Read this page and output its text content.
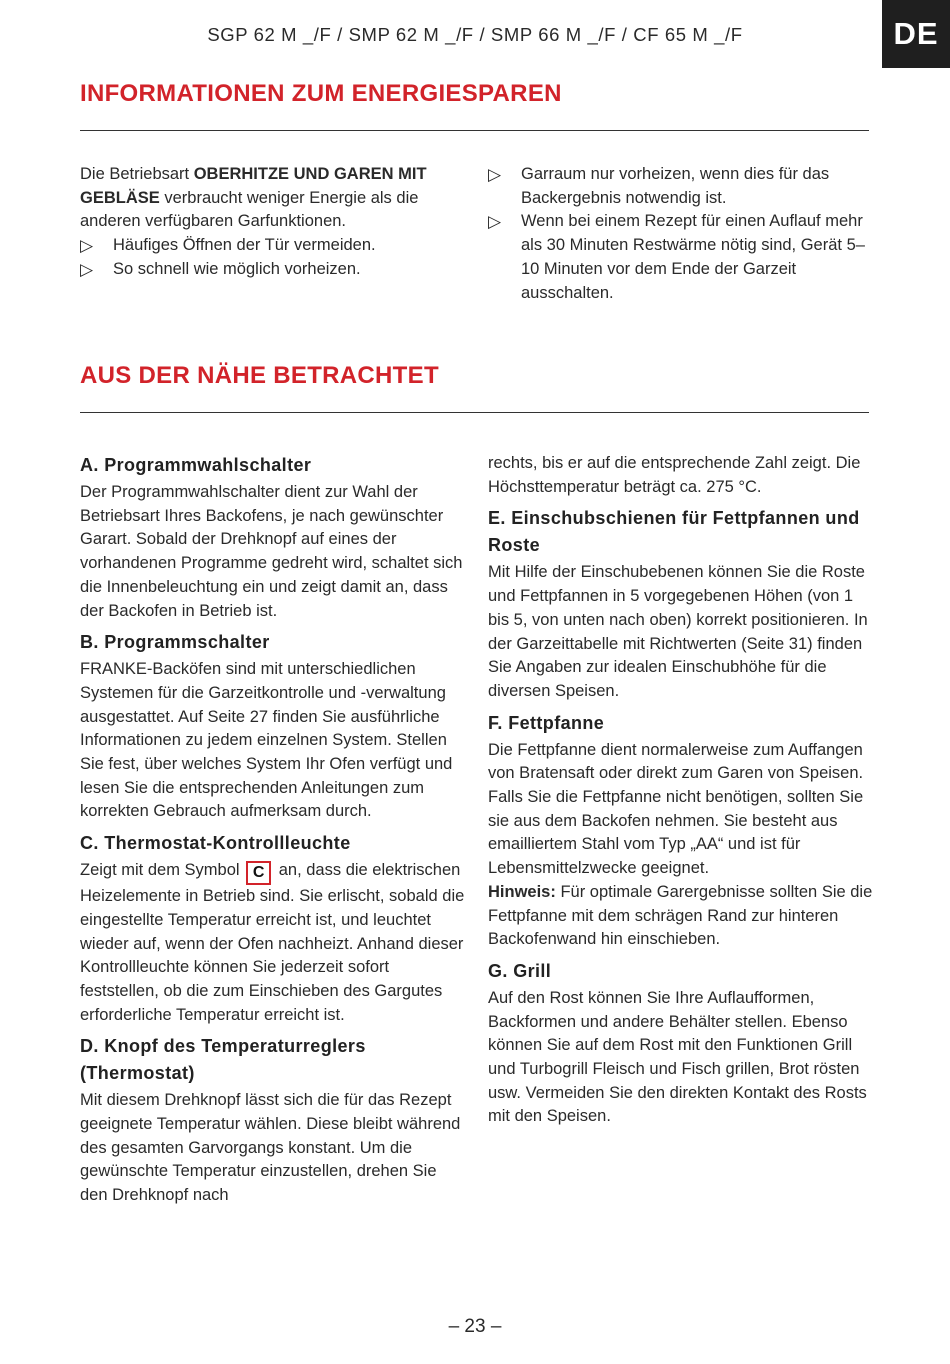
SGP 62 M _/F / SMP 62 M _/F / SMP 66 M _/F / CF 65 M _/F	DE
INFORMATIONEN ZUM ENERGIESPAREN

Die Betriebsart OBERHITZE UND GAREN MIT GEBLÄSE verbraucht weniger Energie als die anderen verfügbaren Garfunktionen.

▷	Häufiges Öffnen der Tür vermeiden.
▷	So schnell wie möglich vorheizen.
▷	Garraum nur vorheizen, wenn dies für das Backergebnis notwendig ist.
▷	Wenn bei einem Rezept für einen Auflauf mehr als 30 Minuten Restwärme nötig sind, Gerät 5–10 Minuten vor dem Ende der Garzeit ausschalten.
AUS DER NÄHE BETRACHTET
A. Programmwahlschalter

Der Programmwahlschalter dient zur Wahl der Betriebsart Ihres Backofens, je nach gewünschter Garart. Sobald der Drehknopf auf eines der vorhandenen Programme gedreht wird, schaltet sich die Innenbeleuchtung ein und zeigt damit an, dass der Backofen in Betrieb ist.

B. Programmschalter

FRANKE-Backöfen sind mit unterschiedlichen Systemen für die Garzeitkontrolle und -verwaltung ausgestattet. Auf Seite 27 finden Sie ausführliche Informationen zu jedem einzelnen System. Stellen Sie fest, über welches System Ihr Ofen verfügt und lesen Sie die entsprechenden Anleitungen zum korrekten Gebrauch aufmerksam durch.

C. Thermostat-Kontrollleuchte

Zeigt mit dem Symbol C an, dass die elektrischen Heizelemente in Betrieb sind. Sie erlischt, sobald die eingestellte Temperatur erreicht ist, und leuchtet wieder auf, wenn der Ofen nachheizt. Anhand dieser Kontrollleuchte können Sie jederzeit sofort feststellen, ob die zum Einschieben des Gargutes erforderliche Temperatur erreicht ist.

D. Knopf des Temperaturreglers (Thermostat)

Mit diesem Drehknopf lässt sich die für das Rezept geeignete Temperatur wählen. Diese bleibt während des gesamten Garvorgangs konstant. Um die gewünschte Temperatur einzustellen, drehen Sie den Drehknopf nach

rechts, bis er auf die entsprechende Zahl zeigt. Die Höchsttemperatur beträgt ca. 275 °C.

E. Einschubschienen für Fettpfannen und Roste

Mit Hilfe der Einschubebenen können Sie die Roste und Fettpfannen in 5 vorgegebenen Höhen (von 1 bis 5, von unten nach oben) korrekt positionieren. In der Garzeittabelle mit Richtwerten (Seite 31) finden Sie Angaben zur idealen Einschubhöhe für die diversen Speisen.

F. Fettpfanne

Die Fettpfanne dient normalerweise zum Auffangen von Bratensaft oder direkt zum Garen von Speisen. Falls Sie die Fettpfanne nicht benötigen, sollten Sie sie aus dem Backofen nehmen. Sie besteht aus emailliertem Stahl vom Typ „AA“ und ist für Lebensmittelzwecke geeignet.

Hinweis: Für optimale Garergebnisse sollten Sie die Fettpfanne mit dem schrägen Rand zur hinteren Backofenwand hin einschieben.

G. Grill

Auf den Rost können Sie Ihre Auflaufformen, Backformen und andere Behälter stellen. Ebenso können Sie auf dem Rost mit den Funktionen Grill und Turbogrill Fleisch und Fisch grillen, Brot rösten usw. Vermeiden Sie den direkten Kontakt des Rosts mit den Speisen.

– 23 –
